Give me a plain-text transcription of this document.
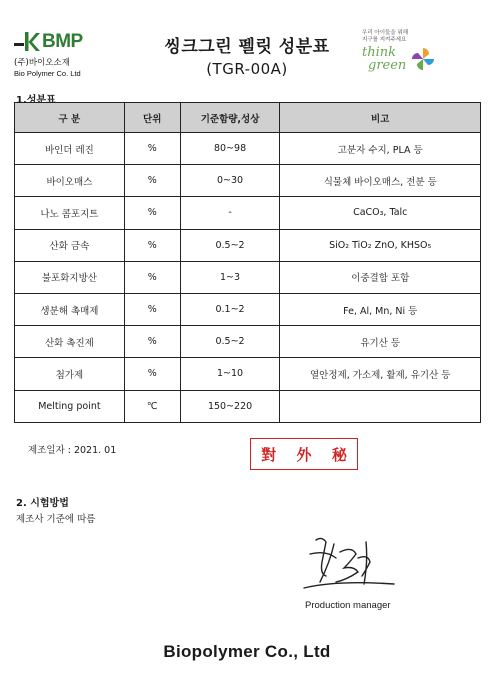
BMP
(주)바이오소재
Bio Polymer Co. Ltd
씽크그린 펠릿 성분표
(TGR-00A)
우리 아이들을 위해
지구를 지켜주세요
think
green
1.성분표
구 분	단위	기준함량,성상	비고
바인더 레진	%	80~98	고분자 수지, PLA 등
바이오매스	%	0~30	식물체 바이오매스, 전분 등
나노 콤포지트	%	-	CaCO₃, Talc
산화 금속	%	0.5~2	SiO₂ TiO₂ ZnO, KHSO₅
불포화지방산	%	1~3	이중결합 포함
생분해 촉매제	%	0.1~2	Fe, Al, Mn, Ni 등
산화 촉진제	%	0.5~2	유기산 등
첨가제	%	1~10	열안정제, 가소제, 활제, 유기산 등
Melting point	℃	150~220	
제조일자 : 2021. 01	對 外 秘
2. 시험방법
제조사 기준에 따름
Production manager
Biopolymer Co., Ltd
